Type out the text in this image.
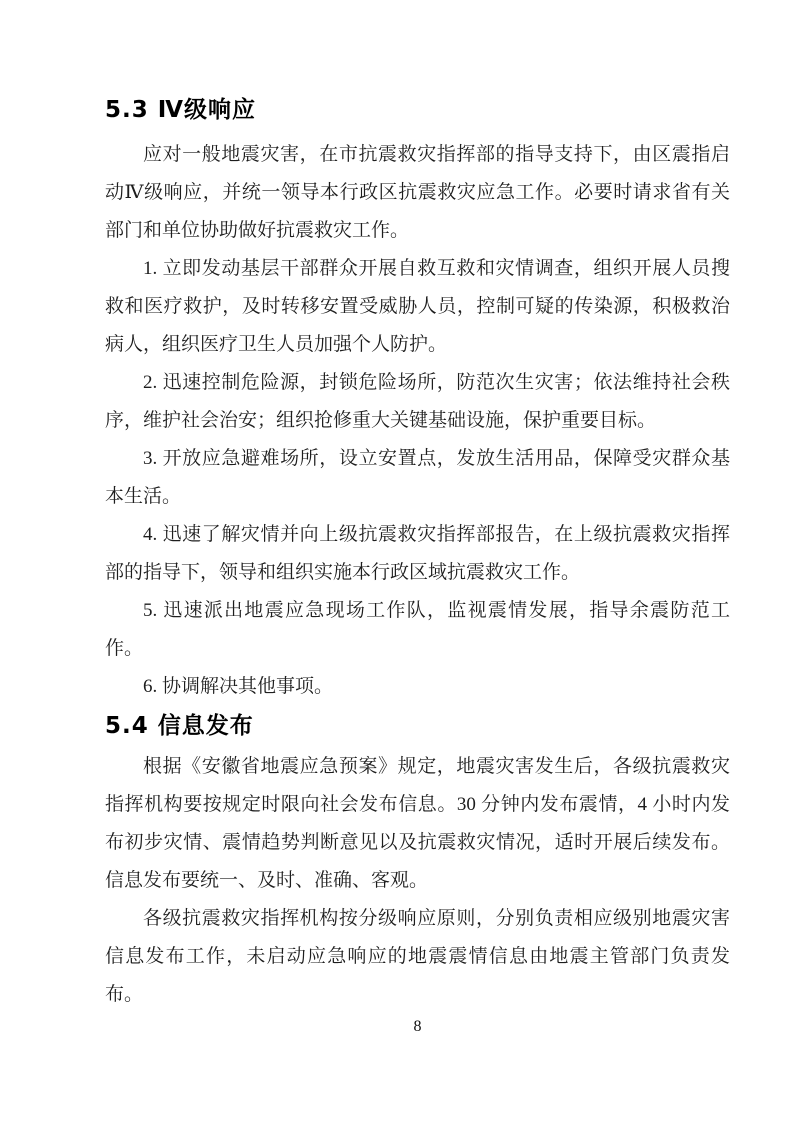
5.3 Ⅳ级响应

应对一般地震灾害，在市抗震救灾指挥部的指导支持下，由区震指启动Ⅳ级响应，并统一领导本行政区抗震救灾应急工作。必要时请求省有关部门和单位协助做好抗震救灾工作。

1. 立即发动基层干部群众开展自救互救和灾情调查，组织开展人员搜救和医疗救护，及时转移安置受威胁人员，控制可疑的传染源，积极救治病人，组织医疗卫生人员加强个人防护。

2. 迅速控制危险源，封锁危险场所，防范次生灾害；依法维持社会秩序，维护社会治安；组织抢修重大关键基础设施，保护重要目标。

3. 开放应急避难场所，设立安置点，发放生活用品，保障受灾群众基本生活。

4. 迅速了解灾情并向上级抗震救灾指挥部报告，在上级抗震救灾指挥部的指导下，领导和组织实施本行政区域抗震救灾工作。

5. 迅速派出地震应急现场工作队，监视震情发展，指导余震防范工作。

6. 协调解决其他事项。

5.4 信息发布

根据《安徽省地震应急预案》规定，地震灾害发生后，各级抗震救灾指挥机构要按规定时限向社会发布信息。30 分钟内发布震情，4 小时内发布初步灾情、震情趋势判断意见以及抗震救灾情况，适时开展后续发布。信息发布要统一、及时、准确、客观。

各级抗震救灾指挥机构按分级响应原则，分别负责相应级别地震灾害信息发布工作，未启动应急响应的地震震情信息由地震主管部门负责发布。

8
